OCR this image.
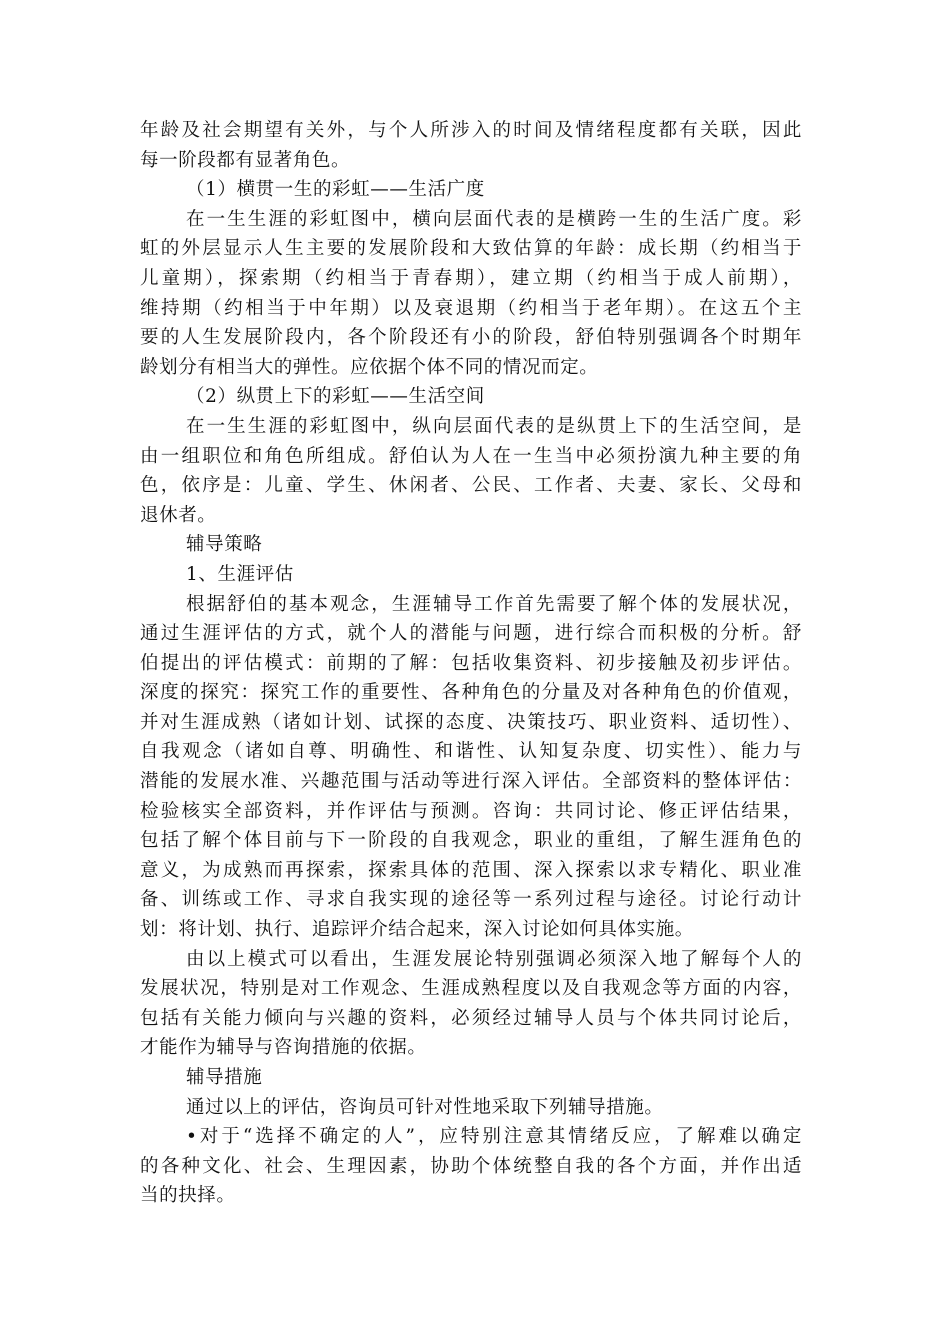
年龄及社会期望有关外，与个人所涉入的时间及情绪程度都有关联，因此
每一阶段都有显著角色。
（1）横贯一生的彩虹——生活广度
在一生生涯的彩虹图中，横向层面代表的是横跨一生的生活广度。彩
虹的外层显示人生主要的发展阶段和大致估算的年龄：成长期（约相当于
儿童期），探索期（约相当于青春期），建立期（约相当于成人前期），
维持期（约相当于中年期）以及衰退期（约相当于老年期）。在这五个主
要的人生发展阶段内，各个阶段还有小的阶段，舒伯特别强调各个时期年
龄划分有相当大的弹性。应依据个体不同的情况而定。
（2）纵贯上下的彩虹——生活空间
在一生生涯的彩虹图中，纵向层面代表的是纵贯上下的生活空间，是
由一组职位和角色所组成。舒伯认为人在一生当中必须扮演九种主要的角
色，依序是：儿童、学生、休闲者、公民、工作者、夫妻、家长、父母和
退休者。
辅导策略
1、生涯评估
根据舒伯的基本观念，生涯辅导工作首先需要了解个体的发展状况，
通过生涯评估的方式，就个人的潜能与问题，进行综合而积极的分析。舒
伯提出的评估模式：前期的了解：包括收集资料、初步接触及初步评估。
深度的探究：探究工作的重要性、各种角色的分量及对各种角色的价值观，
并对生涯成熟（诸如计划、试探的态度、决策技巧、职业资料、适切性）、
自我观念（诸如自尊、明确性、和谐性、认知复杂度、切实性）、能力与
潜能的发展水准、兴趣范围与活动等进行深入评估。全部资料的整体评估：
检验核实全部资料，并作评估与预测。咨询：共同讨论、修正评估结果，
包括了解个体目前与下一阶段的自我观念，职业的重组，了解生涯角色的
意义，为成熟而再探索，探索具体的范围、深入探索以求专精化、职业准
备、训练或工作、寻求自我实现的途径等一系列过程与途径。讨论行动计
划：将计划、执行、追踪评介结合起来，深入讨论如何具体实施。
由以上模式可以看出，生涯发展论特别强调必须深入地了解每个人的
发展状况，特别是对工作观念、生涯成熟程度以及自我观念等方面的内容，
包括有关能力倾向与兴趣的资料，必须经过辅导人员与个体共同讨论后，
才能作为辅导与咨询措施的依据。
辅导措施
通过以上的评估，咨询员可针对性地采取下列辅导措施。
•对于“选择不确定的人”，应特别注意其情绪反应，了解难以确定
的各种文化、社会、生理因素，协助个体统整自我的各个方面，并作出适
当的抉择。
